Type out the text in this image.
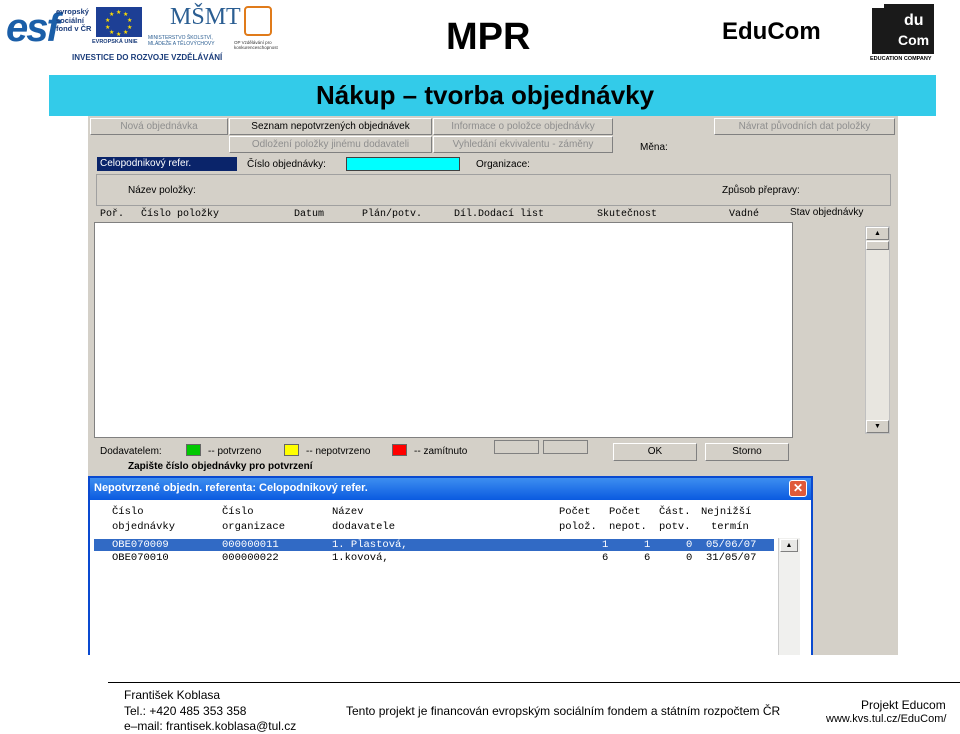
esf
evropský
sociální
fond v ČR
★ ★
★
★
★
★
★
★
★
★
EVROPSKÁ UNIE
MŠMT
MINISTERSTVO ŠKOLSTVÍ, MLÁDEŽE A TĚLOVÝCHOVY	OP Vzdělávání pro konkurenceschopnost
INVESTICE DO ROZVOJE VZDĚLÁVÁNÍ	MPR	EduCom	du
Com
EDUCATION COMPANY
Nákup – tvorba objednávky
Nová objednávka	Seznam nepotvrzených objednávek	Informace o položce objednávky	Návrat původních dat položky
Odložení položky jinému dodavateli	Vyhledání ekvivalentu - záměny	Měna:
Celopodnikový refer.	Číslo objednávky:	Organizace:
Název položky:	Způsob přepravy:
Poř. Číslo položky	Datum	Plán/potv.	Díl.Dodací list	Skutečnost	Vadné	Stav objednávky
▲
▼
Dodavatelem:	-- potvrzeno	-- nepotvrzeno	-- zamítnuto	OK	Storno
Zapište číslo objednávky pro potvrzení
Nepotvrzené objedn. referenta: Celopodnikový refer.	✕
Číslo	Číslo	Název	Počet Počet Část. Nejnižší
objednávky	organizace	dodavatele	polož. nepot. potv. termín
OBE070009	000000011	1. Plastová,	1	1	0 05/06/07
OBE070010	000000022	1.kovová,	6	6	0 31/05/07
▲
František Koblasa
Tel.: +420 485 353 358
e–mail: frantisek.koblasa@tul.cz
Tento projekt je financován evropským sociálním fondem a státním rozpočtem ČR	Projekt Educom
www.kvs.tul.cz/EduCom/
